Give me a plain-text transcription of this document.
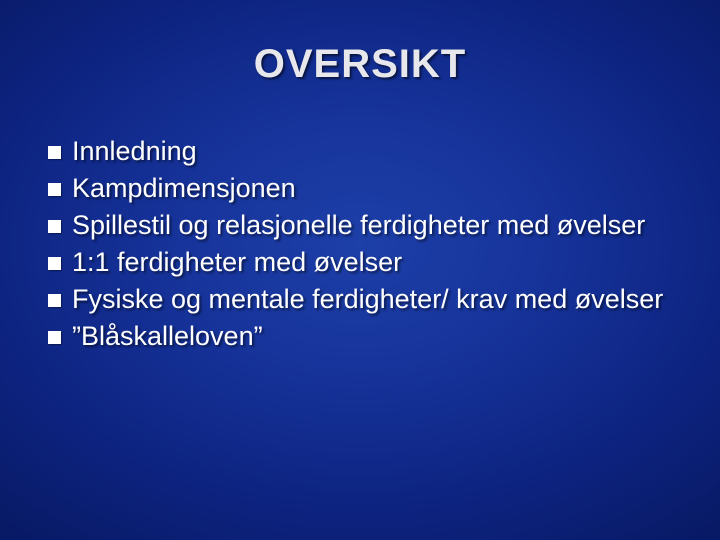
OVERSIKT
Innledning
Kampdimensjonen
Spillestil og relasjonelle ferdigheter med øvelser
1:1 ferdigheter med øvelser
Fysiske og mentale ferdigheter/ krav med øvelser
”Blåskalleloven”
